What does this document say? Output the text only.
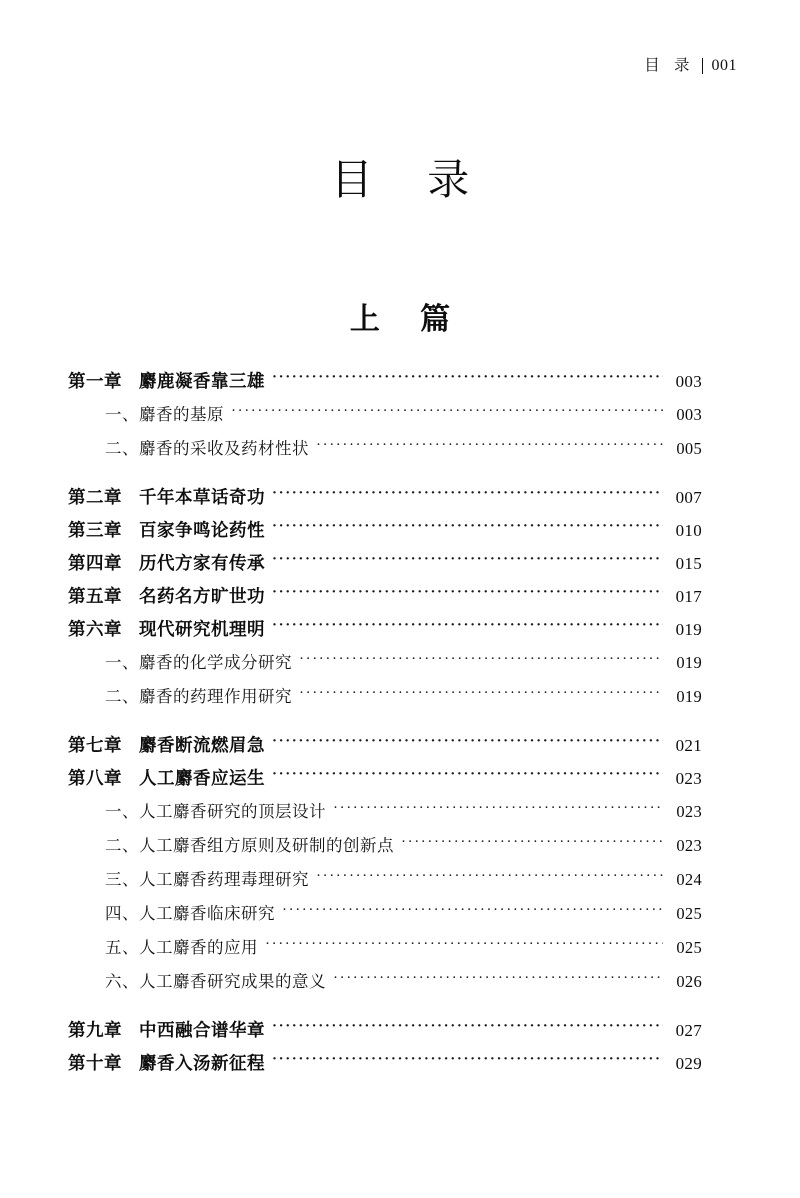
目 录 001
目 录
上 篇
第一章 麝鹿凝香靠三雄 ·····	003
一、麝香的基原 ·····	003
二、麝香的采收及药材性状 ·····	005
第二章 千年本草话奇功 ·····	007
第三章 百家争鸣论药性 ·····	010
第四章 历代方家有传承 ·····	015
第五章 名药名方旷世功 ·····	017
第六章 现代研究机理明 ·····	019
一、麝香的化学成分研究 ·····	019
二、麝香的药理作用研究 ·····	019
第七章 麝香断流燃眉急 ·····	021
第八章 人工麝香应运生 ·····	023
一、人工麝香研究的顶层设计 ·····	023
二、人工麝香组方原则及研制的创新点 ·····	023
三、人工麝香药理毒理研究 ·····	024
四、人工麝香临床研究 ·····	025
五、人工麝香的应用 ·····	025
六、人工麝香研究成果的意义 ·····	026
第九章 中西融合谱华章 ·····	027
第十章 麝香入汤新征程 ·····	029
